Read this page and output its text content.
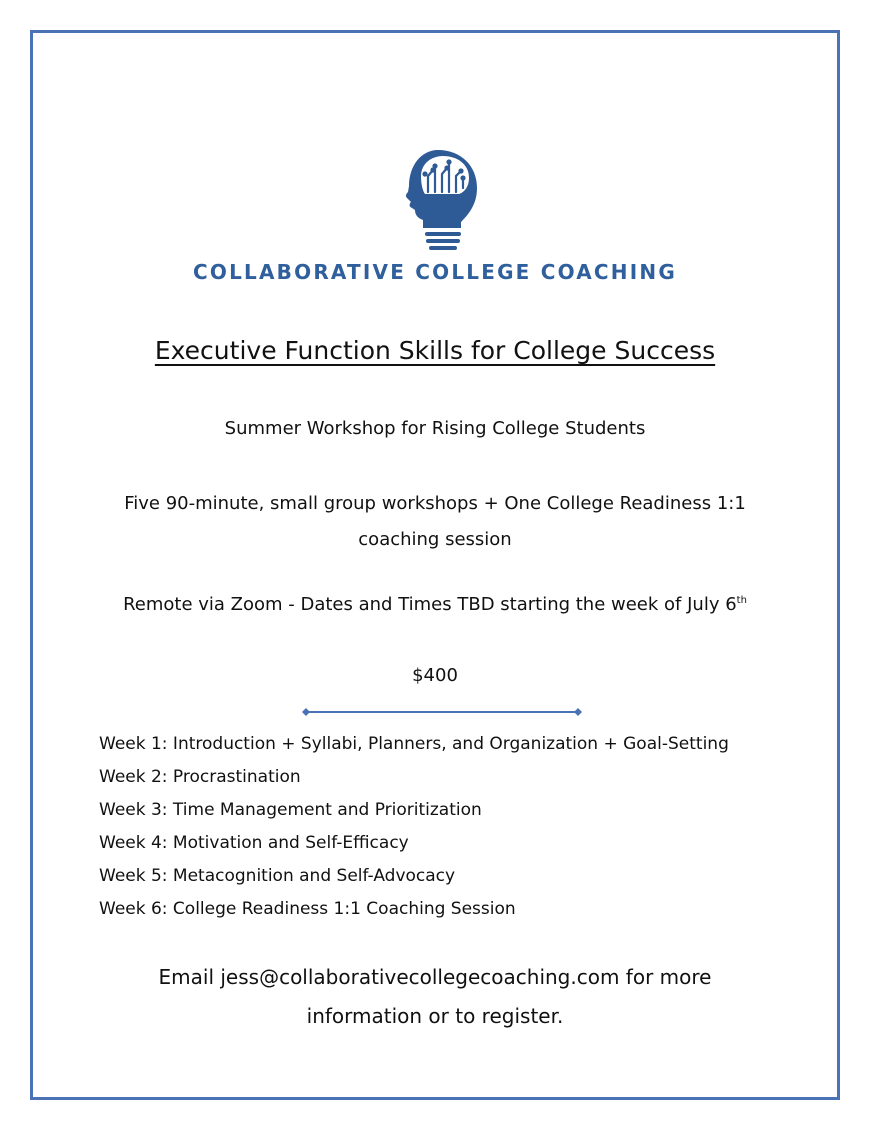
COLLABORATIVE COLLEGE COACHING
Executive Function Skills for College Success
Summer Workshop for Rising College Students
Five 90-minute, small group workshops + One College Readiness 1:1
coaching session
Remote via Zoom - Dates and Times TBD starting the week of July 6th
$400
Week 1: Introduction + Syllabi, Planners, and Organization + Goal-Setting
Week 2: Procrastination
Week 3: Time Management and Prioritization
Week 4: Motivation and Self-Efficacy
Week 5: Metacognition and Self-Advocacy
Week 6: College Readiness 1:1 Coaching Session
Email jess@collaborativecollegecoaching.com for more
information or to register.
